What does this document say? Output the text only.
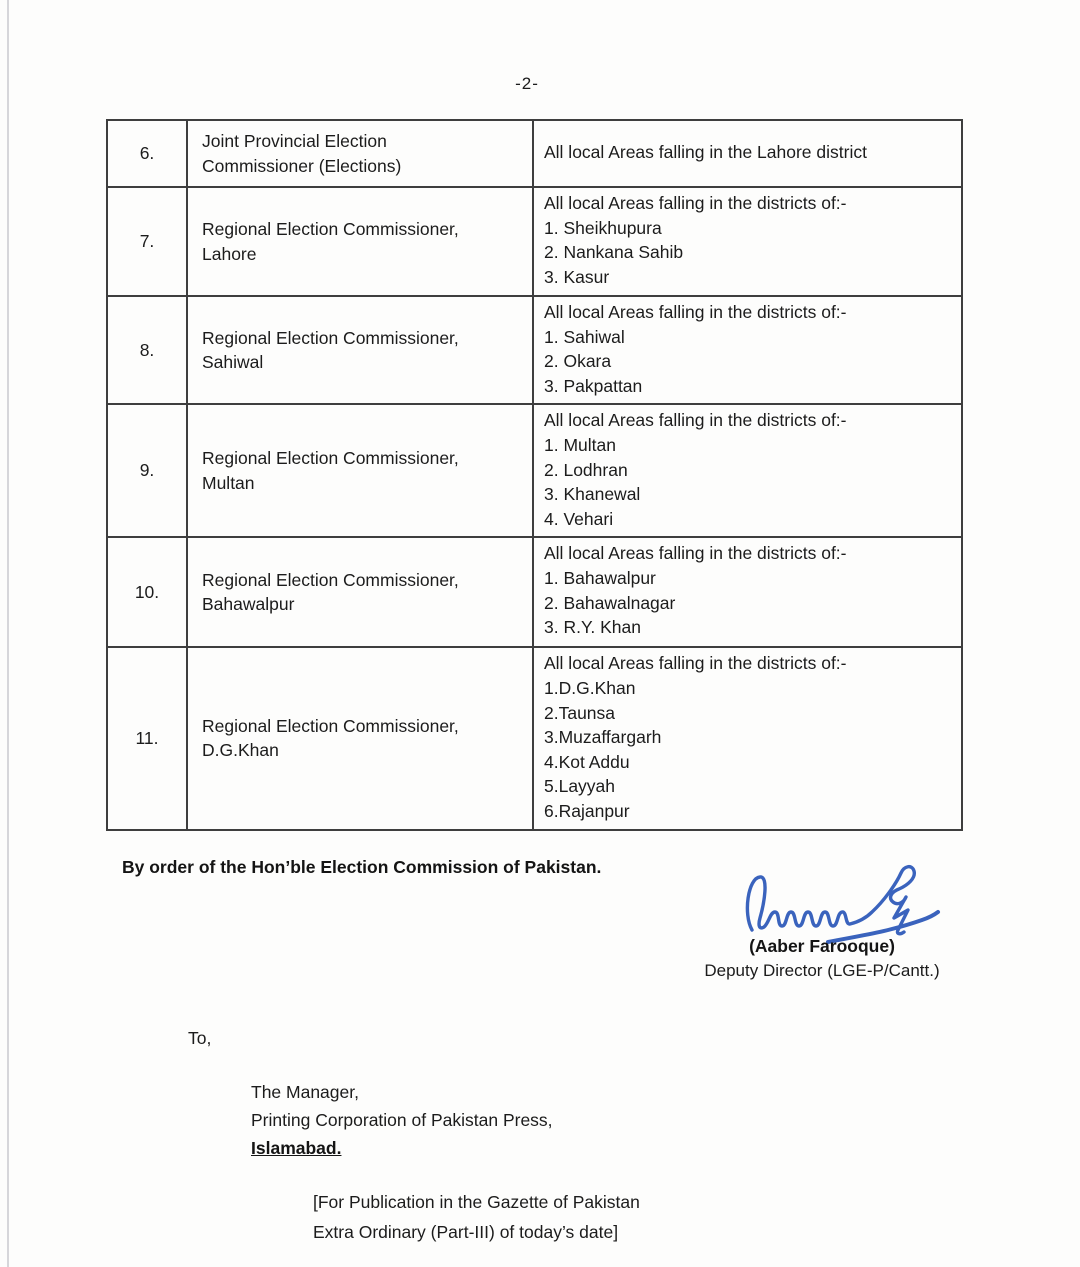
-2-
6.
Joint Provincial Election
Commissioner (Elections)
All local Areas falling in the Lahore district
7.
Regional Election Commissioner,
Lahore
All local Areas falling in the districts of:-
1. Sheikhupura
2. Nankana Sahib
3. Kasur
8.
Regional Election Commissioner,
Sahiwal
All local Areas falling in the districts of:-
1. Sahiwal
2. Okara
3. Pakpattan
9.
Regional Election Commissioner,
Multan
All local Areas falling in the districts of:-
1. Multan
2. Lodhran
3. Khanewal
4. Vehari
10.
Regional Election Commissioner,
Bahawalpur
All local Areas falling in the districts of:-
1. Bahawalpur
2. Bahawalnagar
3. R.Y. Khan
11.
Regional Election Commissioner,
D.G.Khan
All local Areas falling in the districts of:-
1.D.G.Khan
2.Taunsa
3.Muzaffargarh
4.Kot Addu
5.Layyah
6.Rajanpur
By order of the Hon’ble Election Commission of Pakistan.
(Aaber Farooque)
Deputy Director (LGE-P/Cantt.)
To,
The Manager,
Printing Corporation of Pakistan Press,
Islamabad.
[For Publication in the Gazette of Pakistan
Extra Ordinary (Part-III) of today’s date]
